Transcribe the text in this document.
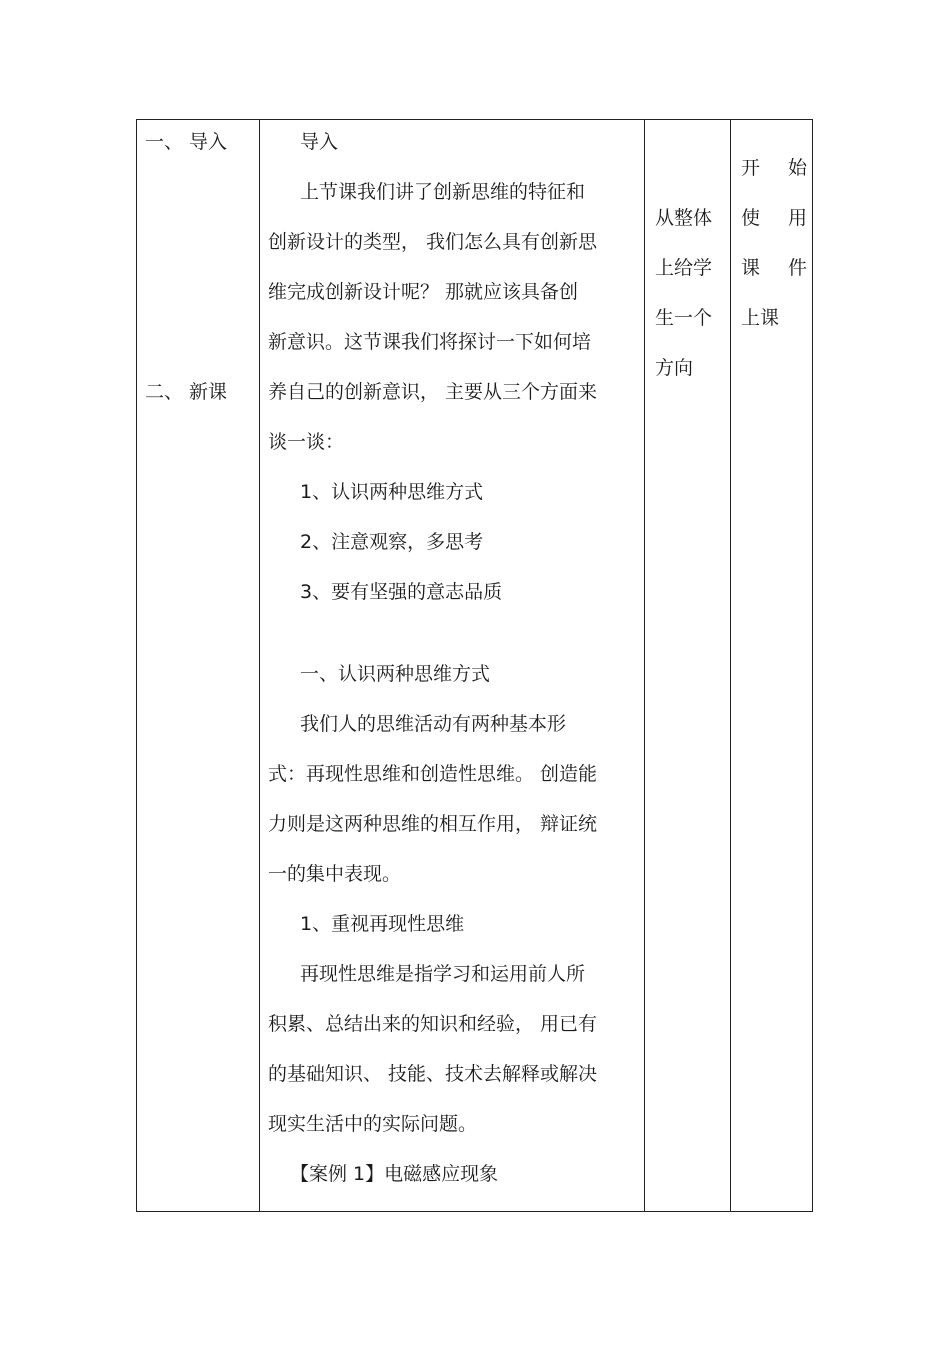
一、 导入
二、 新课
导入
上节课我们讲了创新思维的特征和
创新设计的类型， 我们怎么具有创新思
维完成创新设计呢？ 那就应该具备创
新意识。这节课我们将探讨一下如何培
养自己的创新意识， 主要从三个方面来
谈一谈：
1、认识两种思维方式
2、注意观察，多思考
3、要有坚强的意志品质
一、认识两种思维方式
我们人的思维活动有两种基本形
式：再现性思维和创造性思维。 创造能
力则是这两种思维的相互作用， 辩证统
一的集中表现。
1、重视再现性思维
再现性思维是指学习和运用前人所
积累、总结出来的知识和经验， 用已有
的基础知识、 技能、技术去解释或解决
现实生活中的实际问题。
【案例 1】电磁感应现象
从整体
上给学
生一个
方向
开 始
使 用
课 件
上课
